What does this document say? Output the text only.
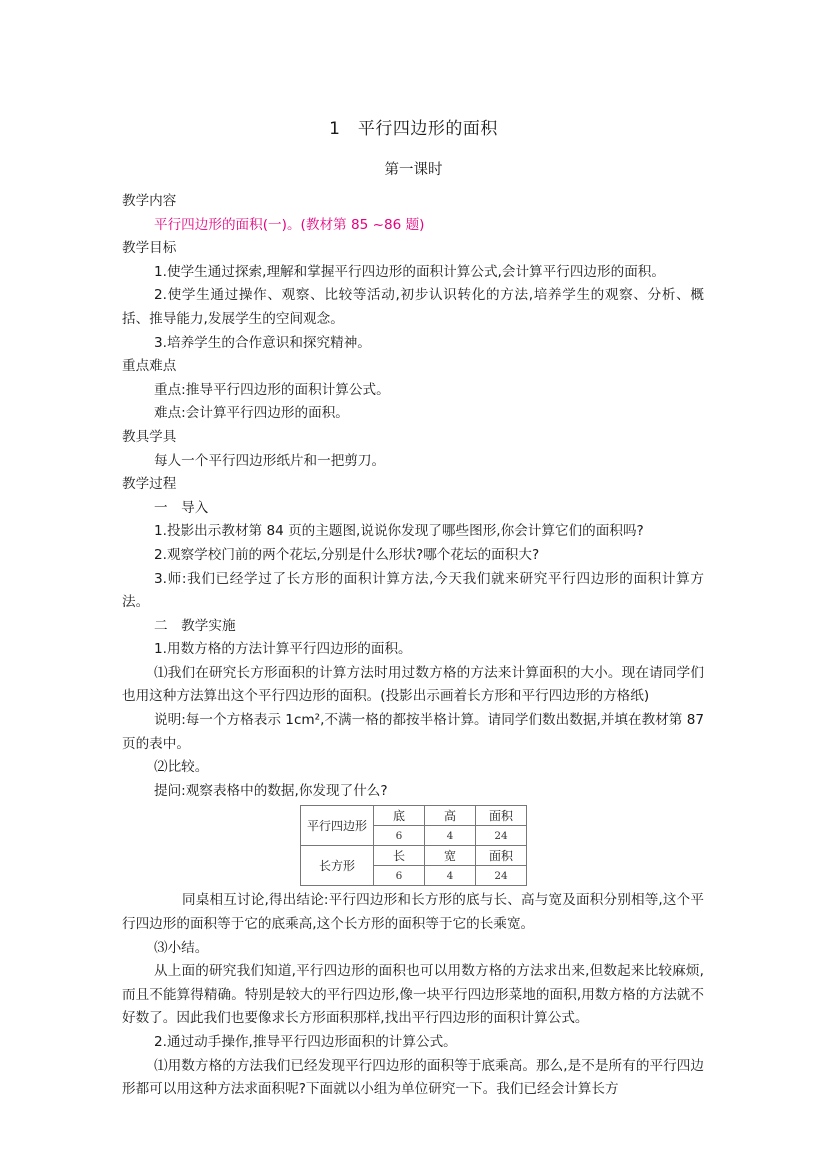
1　平行四边形的面积
第一课时

教学内容

平行四边形的面积(一)。(教材第 85 ~86 题)

教学目标

1.使学生通过探索,理解和掌握平行四边形的面积计算公式,会计算平行四边形的面积。

2.使学生通过操作、观察、比较等活动,初步认识转化的方法,培养学生的观察、分析、概括、推导能力,发展学生的空间观念。

3.培养学生的合作意识和探究精神。

重点难点

重点:推导平行四边形的面积计算公式。

难点:会计算平行四边形的面积。

教具学具

每人一个平行四边形纸片和一把剪刀。

教学过程

一　导入

1.投影出示教材第 84 页的主题图,说说你发现了哪些图形,你会计算它们的面积吗?

2.观察学校门前的两个花坛,分别是什么形状?哪个花坛的面积大?

3.师:我们已经学过了长方形的面积计算方法,今天我们就来研究平行四边形的面积计算方法。

二　教学实施

1.用数方格的方法计算平行四边形的面积。

⑴我们在研究长方形面积的计算方法时用过数方格的方法来计算面积的大小。现在请同学们也用这种方法算出这个平行四边形的面积。(投影出示画着长方形和平行四边形的方格纸)

说明:每一个方格表示 1cm²,不满一格的都按半格计算。请同学们数出数据,并填在教材第 87 页的表中。

⑵比较。

提问:观察表格中的数据,你发现了什么?

平行四边形	底	高	面积
	6	4	24
长方形	长	宽	面积
	6	4	24

同桌相互讨论,得出结论:平行四边形和长方形的底与长、高与宽及面积分别相等,这个平行四边形的面积等于它的底乘高,这个长方形的面积等于它的长乘宽。

⑶小结。

从上面的研究我们知道,平行四边形的面积也可以用数方格的方法求出来,但数起来比较麻烦,而且不能算得精确。特别是较大的平行四边形,像一块平行四边形菜地的面积,用数方格的方法就不好数了。因此我们也要像求长方形面积那样,找出平行四边形的面积计算公式。

2.通过动手操作,推导平行四边形面积的计算公式。

⑴用数方格的方法我们已经发现平行四边形的面积等于底乘高。那么,是不是所有的平行四边形都可以用这种方法求面积呢?下面就以小组为单位研究一下。我们已经会计算长方
